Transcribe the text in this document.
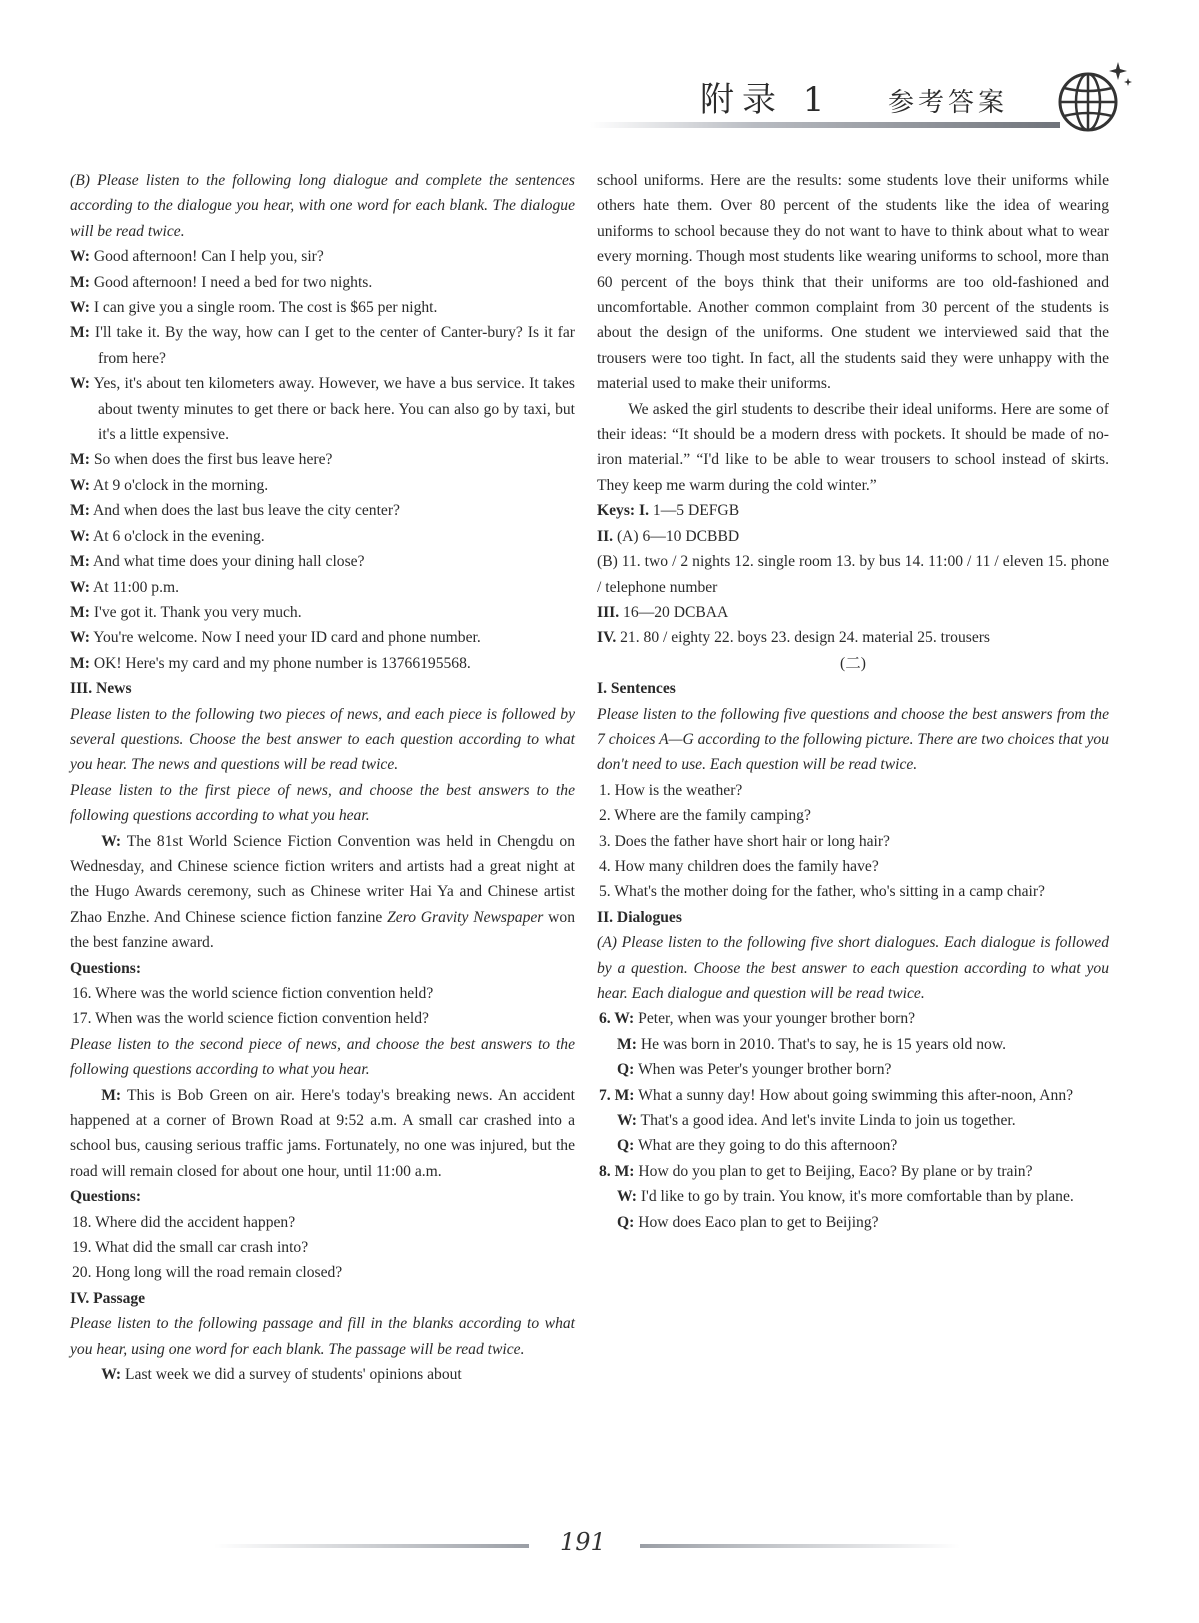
附录 1 参考答案

(B) Please listen to the following long dialogue and complete the sentences according to the dialogue you hear, with one word for each blank. The dialogue will be read twice.

W: Good afternoon! Can I help you, sir?

M: Good afternoon! I need a bed for two nights.

W: I can give you a single room. The cost is $65 per night.

M: I'll take it. By the way, how can I get to the center of Canter-bury? Is it far from here?

W: Yes, it's about ten kilometers away. However, we have a bus service. It takes about twenty minutes to get there or back here. You can also go by taxi, but it's a little expensive.

M: So when does the first bus leave here?

W: At 9 o'clock in the morning.

M: And when does the last bus leave the city center?

W: At 6 o'clock in the evening.

M: And what time does your dining hall close?

W: At 11:00 p.m.

M: I've got it. Thank you very much.

W: You're welcome. Now I need your ID card and phone number.

M: OK! Here's my card and my phone number is 13766195568.

III. News

Please listen to the following two pieces of news, and each piece is followed by several questions. Choose the best answer to each question according to what you hear. The news and questions will be read twice.

Please listen to the first piece of news, and choose the best answers to the following questions according to what you hear.

W: The 81st World Science Fiction Convention was held in Chengdu on Wednesday, and Chinese science fiction writers and artists had a great night at the Hugo Awards ceremony, such as Chinese writer Hai Ya and Chinese artist Zhao Enzhe. And Chinese science fiction fanzine Zero Gravity Newspaper won the best fanzine award.

Questions:

16. Where was the world science fiction convention held?

17. When was the world science fiction convention held?

Please listen to the second piece of news, and choose the best answers to the following questions according to what you hear.

M: This is Bob Green on air. Here's today's breaking news. An accident happened at a corner of Brown Road at 9:52 a.m. A small car crashed into a school bus, causing serious traffic jams. Fortunately, no one was injured, but the road will remain closed for about one hour, until 11:00 a.m.

Questions:

18. Where did the accident happen?

19. What did the small car crash into?

20. Hong long will the road remain closed?

IV. Passage

Please listen to the following passage and fill in the blanks according to what you hear, using one word for each blank. The passage will be read twice.

W: Last week we did a survey of students' opinions about

school uniforms. Here are the results: some students love their uniforms while others hate them. Over 80 percent of the students like the idea of wearing uniforms to school because they do not want to have to think about what to wear every morning. Though most students like wearing uniforms to school, more than 60 percent of the boys think that their uniforms are too old-fashioned and uncomfortable. Another common complaint from 30 percent of the students is about the design of the uniforms. One student we interviewed said that the trousers were too tight. In fact, all the students said they were unhappy with the material used to make their uniforms.

We asked the girl students to describe their ideal uniforms. Here are some of their ideas: “It should be a modern dress with pockets. It should be made of no-iron material.” “I'd like to be able to wear trousers to school instead of skirts. They keep me warm during the cold winter.”

Keys: I. 1—5 DEFGB

II. (A) 6—10 DCBBD

(B) 11. two / 2 nights 12. single room 13. by bus 14. 11:00 / 11 / eleven 15. phone / telephone number

III. 16—20 DCBAA

IV. 21. 80 / eighty 22. boys 23. design 24. material 25. trousers

(二)

I. Sentences

Please listen to the following five questions and choose the best answers from the 7 choices A—G according to the following picture. There are two choices that you don't need to use. Each question will be read twice.

1. How is the weather?

2. Where are the family camping?

3. Does the father have short hair or long hair?

4. How many children does the family have?

5. What's the mother doing for the father, who's sitting in a camp chair?

II. Dialogues

(A) Please listen to the following five short dialogues. Each dialogue is followed by a question. Choose the best answer to each question according to what you hear. Each dialogue and question will be read twice.

6. W: Peter, when was your younger brother born?

M: He was born in 2010. That's to say, he is 15 years old now.

Q: When was Peter's younger brother born?

7. M: What a sunny day! How about going swimming this after-noon, Ann?

W: That's a good idea. And let's invite Linda to join us together.

Q: What are they going to do this afternoon?

8. M: How do you plan to get to Beijing, Eaco? By plane or by train?

W: I'd like to go by train. You know, it's more comfortable than by plane.

Q: How does Eaco plan to get to Beijing?

191
